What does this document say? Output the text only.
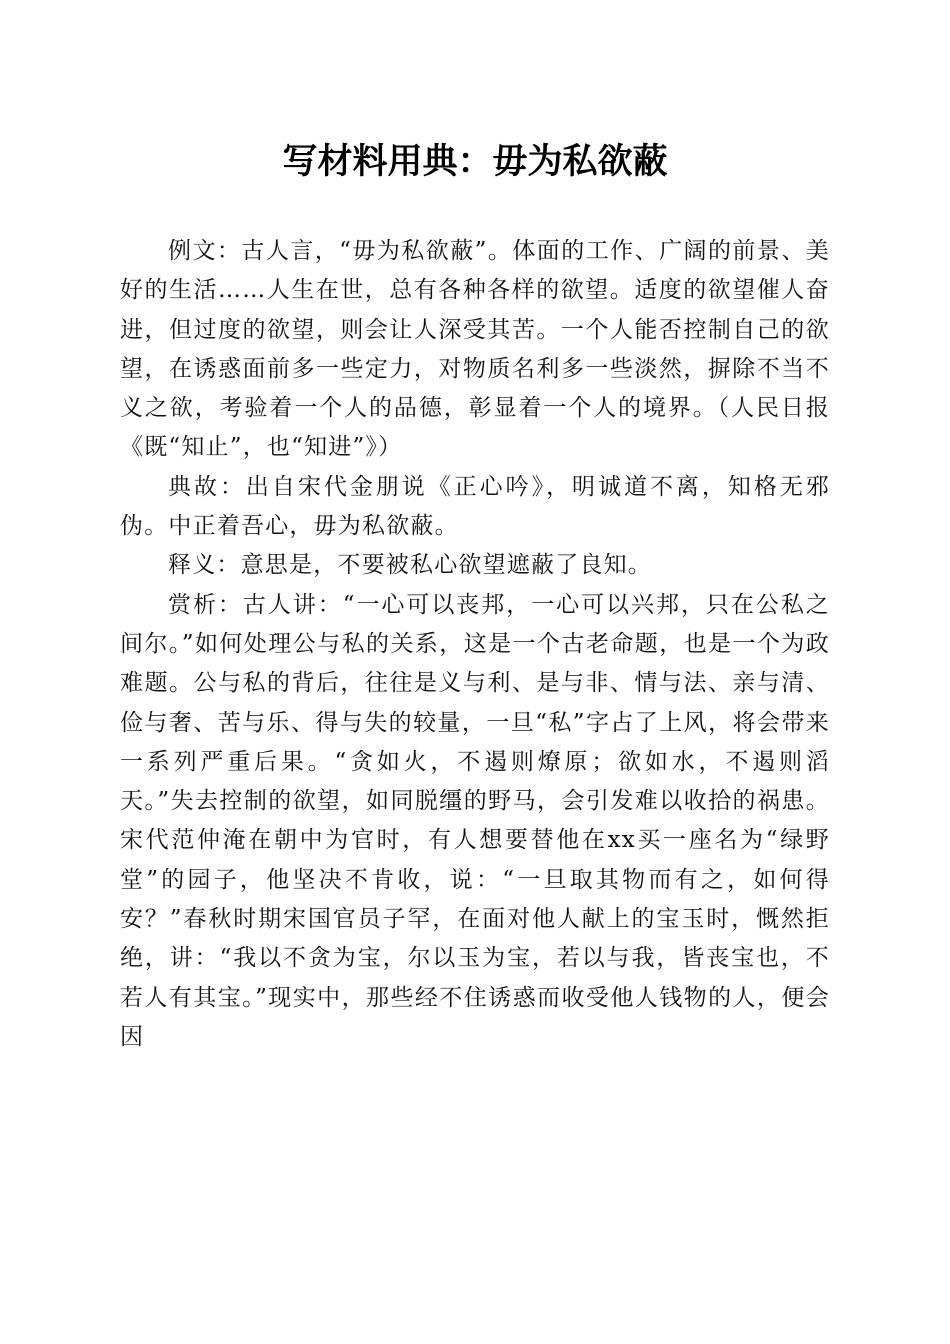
写材料用典：毋为私欲蔽

例文：古人言，“毋为私欲蔽”。体面的工作、广阔的前景、美好的生活……人生在世，总有各种各样的欲望。适度的欲望催人奋进，但过度的欲望，则会让人深受其苦。一个人能否控制自己的欲望，在诱惑面前多一些定力，对物质名利多一些淡然，摒除不当不义之欲，考验着一个人的品德，彰显着一个人的境界。（人民日报《既“知止”，也“知进”》）

典故：出自宋代金朋说《正心吟》，明诚道不离，知格无邪伪。中正着吾心，毋为私欲蔽。

释义：意思是，不要被私心欲望遮蔽了良知。

赏析：古人讲：“一心可以丧邦，一心可以兴邦，只在公私之间尔。”如何处理公与私的关系，这是一个古老命题，也是一个为政难题。公与私的背后，往往是义与利、是与非、情与法、亲与清、俭与奢、苦与乐、得与失的较量，一旦“私”字占了上风，将会带来一系列严重后果。“贪如火，不遏则燎原；欲如水，不遏则滔天。”失去控制的欲望，如同脱缰的野马，会引发难以收拾的祸患。宋代范仲淹在朝中为官时，有人想要替他在xx买一座名为“绿野堂”的园子，他坚决不肯收，说：“一旦取其物而有之，如何得安？”春秋时期宋国官员子罕，在面对他人献上的宝玉时，慨然拒绝，讲：“我以不贪为宝，尔以玉为宝，若以与我，皆丧宝也，不若人有其宝。”现实中，那些经不住诱惑而收受他人钱物的人，便会因
